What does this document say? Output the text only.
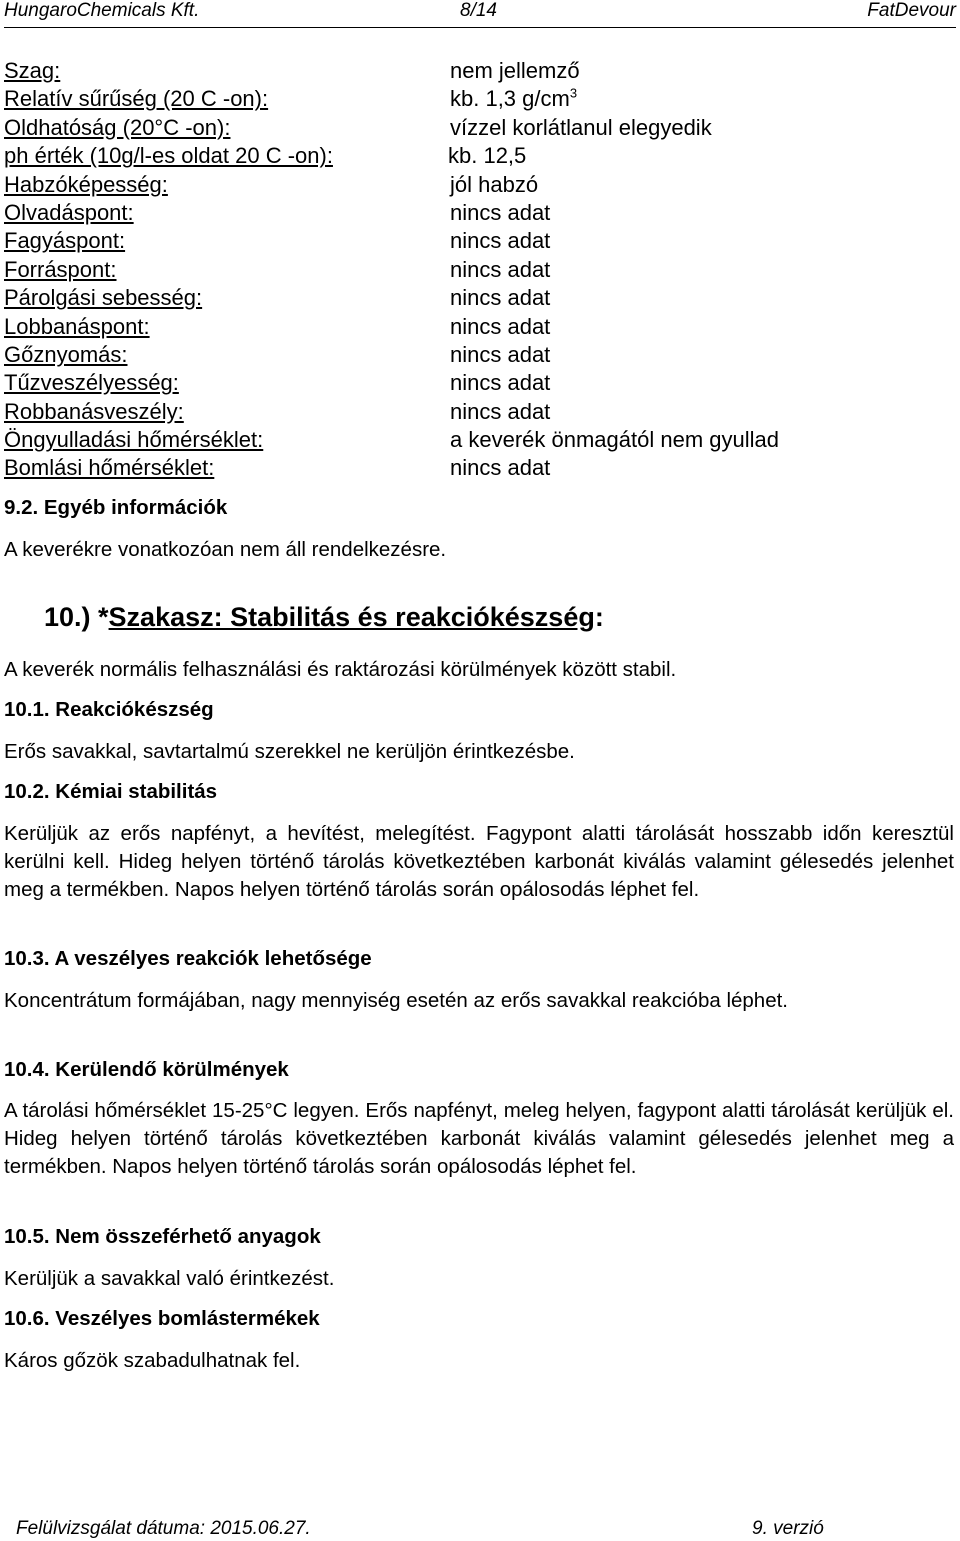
HungaroChemicals Kft.	8/14	FatDevour
Szag:	nem jellemző
Relatív sűrűség (20 C -on):	kb. 1,3 $g/cm^3$
Oldhatóság (20°C -on):	vízzel korlátlanul elegyedik
ph érték (10g/l-es oldat 20 C -on):	kb. 12,5
Habzóképesség:	jól habzó
Olvadáspont:	nincs adat
Fagyáspont:	nincs adat
Forráspont:	nincs adat
Párolgási sebesség:	nincs adat
Lobbanáspont:	nincs adat
Gőznyomás:	nincs adat
Tűzveszélyesség:	nincs adat
Robbanásveszély:	nincs adat
Öngyulladási hőmérséklet:	a keverék önmagától nem gyullad
Bomlási hőmérséklet:	nincs adat
9.2. Egyéb információk
A keverékre vonatkozóan nem áll rendelkezésre.
10.) *Szakasz: Stabilitás és reakciókészség:
A keverék normális felhasználási és raktározási körülmények között stabil.
10.1. Reakciókészség
Erős savakkal, savtartalmú szerekkel ne kerüljön érintkezésbe.
10.2. Kémiai stabilitás
Kerüljük az erős napfényt, a hevítést, melegítést. Fagypont alatti tárolását hosszabb időn keresztül kerülni kell. Hideg helyen történő tárolás következtében karbonát kiválás valamint gélesedés jelenhet meg a termékben. Napos helyen történő tárolás során opálosodás léphet fel.
10.3. A veszélyes reakciók lehetősége
Koncentrátum formájában, nagy mennyiség esetén az erős savakkal reakcióba léphet.
10.4. Kerülendő körülmények
A tárolási hőmérséklet 15-25°C legyen. Erős napfényt, meleg helyen, fagypont alatti tárolását kerüljük el. Hideg helyen történő tárolás következtében karbonát kiválás valamint gélesedés jelenhet meg a termékben. Napos helyen történő tárolás során opálosodás léphet fel.
10.5. Nem összeférhető anyagok
Kerüljük a savakkal való érintkezést.
10.6. Veszélyes bomlástermékek
Káros gőzök szabadulhatnak fel.
Felülvizsgálat dátuma: 2015.06.27.	9. verzió
